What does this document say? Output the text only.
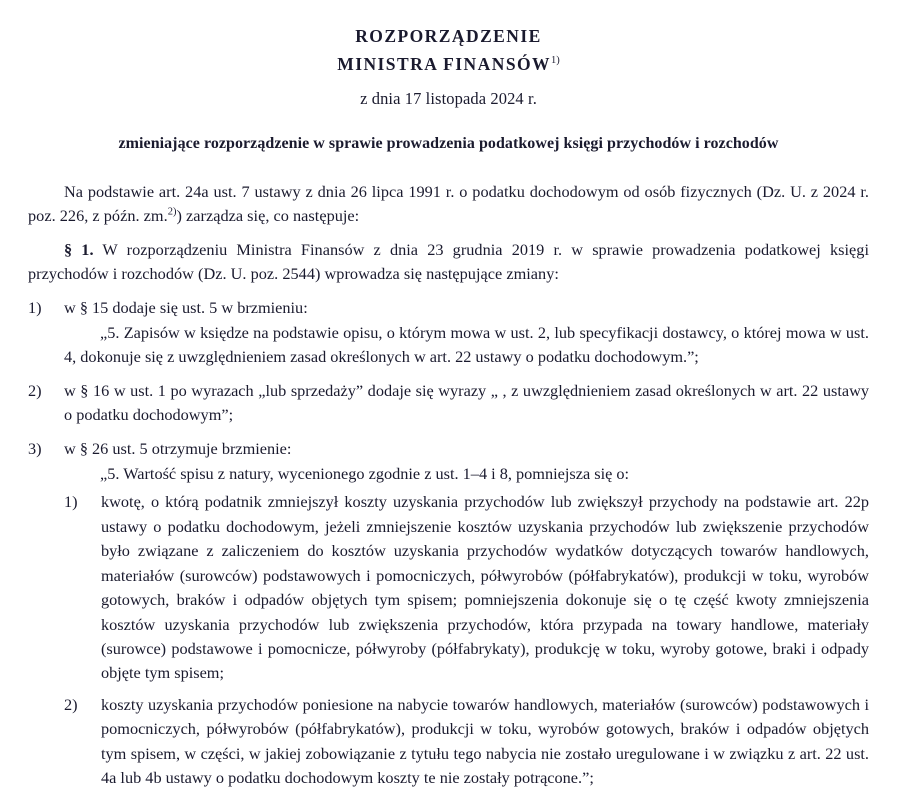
ROZPORZĄDZENIE
MINISTRA FINANSÓW$^{1)}$

z dnia 17 listopada 2024 r.

zmieniające rozporządzenie w sprawie prowadzenia podatkowej księgi przychodów i rozchodów

Na podstawie art. 24a ust. 7 ustawy z dnia 26 lipca 1991 r. o podatku dochodowym od osób fizycznych (Dz. U. z 2024 r. poz. 226, z późn. zm.$^{2)}$) zarządza się, co następuje:

§ 1. W rozporządzeniu Ministra Finansów z dnia 23 grudnia 2019 r. w sprawie prowadzenia podatkowej księgi przychodów i rozchodów (Dz. U. poz. 2544) wprowadza się następujące zmiany:

1)	w § 15 dodaje się ust. 5 w brzmieniu:

„5. Zapisów w księdze na podstawie opisu, o którym mowa w ust. 2, lub specyfikacji dostawcy, o której mowa w ust. 4, dokonuje się z uwzględnieniem zasad określonych w art. 22 ustawy o podatku dochodowym.”;

2)	w § 16 w ust. 1 po wyrazach „lub sprzedaży” dodaje się wyrazy „ , z uwzględnieniem zasad określonych w art. 22 ustawy o podatku dochodowym”;

3)	w § 26 ust. 5 otrzymuje brzmienie:

„5. Wartość spisu z natury, wycenionego zgodnie z ust. 1–4 i 8, pomniejsza się o:

1)	kwotę, o którą podatnik zmniejszył koszty uzyskania przychodów lub zwiększył przychody na podstawie art. 22p ustawy o podatku dochodowym, jeżeli zmniejszenie kosztów uzyskania przychodów lub zwiększenie przychodów było związane z zaliczeniem do kosztów uzyskania przychodów wydatków dotyczących towarów handlowych, materiałów (surowców) podstawowych i pomocniczych, półwyrobów (półfabrykatów), produkcji w toku, wyrobów gotowych, braków i odpadów objętych tym spisem; pomniejszenia dokonuje się o tę część kwoty zmniejszenia kosztów uzyskania przychodów lub zwiększenia przychodów, która przypada na towary handlowe, materiały (surowce) podstawowe i pomocnicze, półwyroby (półfabrykaty), produkcję w toku, wyroby gotowe, braki i odpady objęte tym spisem;

2)	koszty uzyskania przychodów poniesione na nabycie towarów handlowych, materiałów (surowców) podstawowych i pomocniczych, półwyrobów (półfabrykatów), produkcji w toku, wyrobów gotowych, braków i odpadów objętych tym spisem, w części, w jakiej zobowiązanie z tytułu tego nabycia nie zostało uregulowane i w związku z art. 22 ust. 4a lub 4b ustawy o podatku dochodowym koszty te nie zostały potrącone.”;
